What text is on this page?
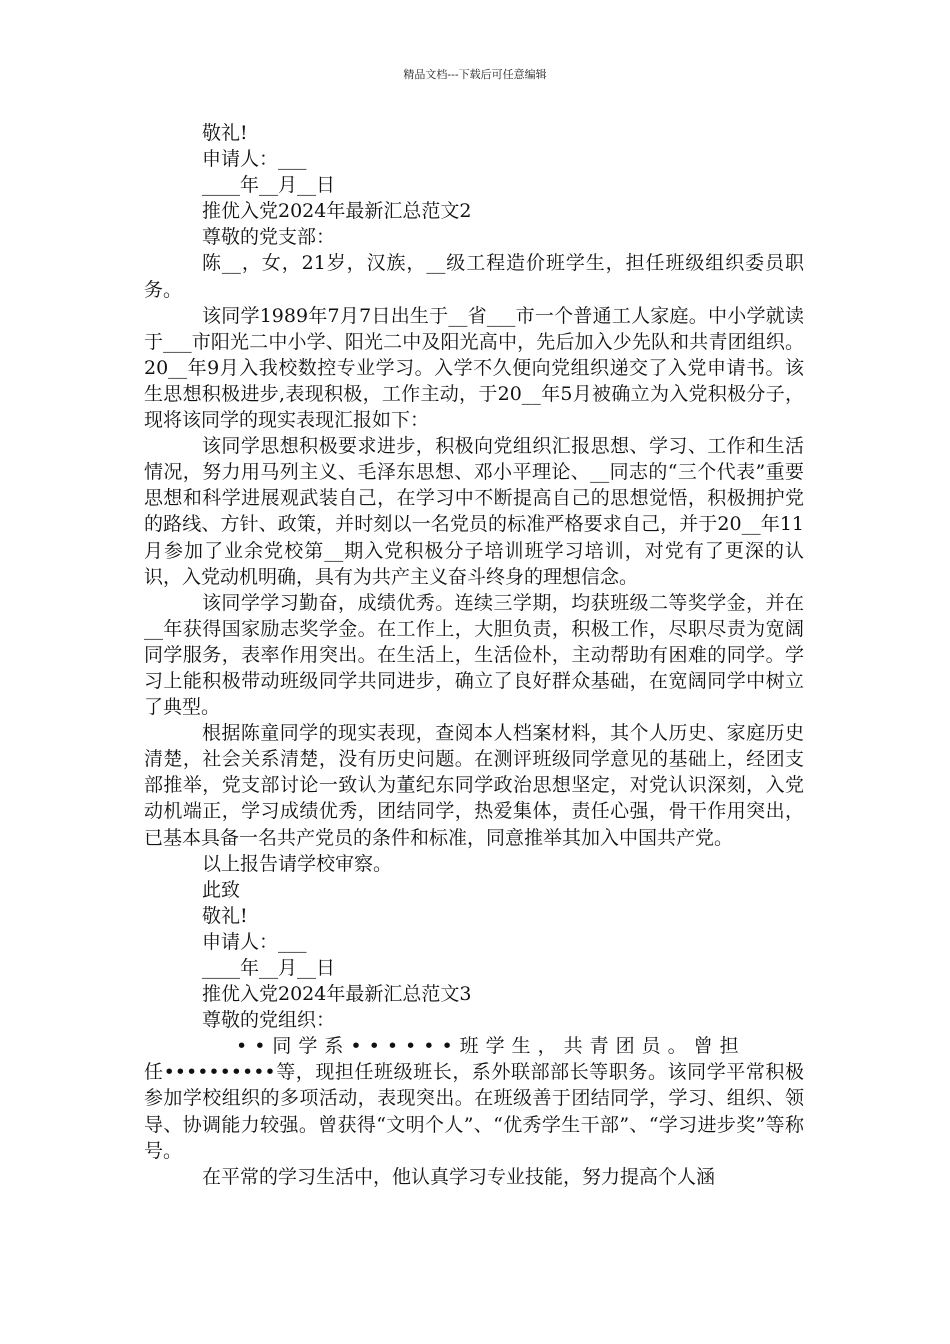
精品文档---下载后可任意编辑

敬礼!

申请人：___

____年__月__日

推优入党2024年最新汇总范文2

尊敬的党支部：

陈__，女，21岁，汉族，__级工程造价班学生，担任班级组织委员职务。

该同学1989年7月7日出生于__省___市一个普通工人家庭。中小学就读于___市阳光二中小学、阳光二中及阳光高中，先后加入少先队和共青团组织。20__年9月入我校数控专业学习。入学不久便向党组织递交了入党申请书。该生思想积极进步,表现积极，工作主动，于20__年5月被确立为入党积极分子，现将该同学的现实表现汇报如下：

该同学思想积极要求进步，积极向党组织汇报思想、学习、工作和生活情况，努力用马列主义、毛泽东思想、邓小平理论、__同志的“三个代表”重要思想和科学进展观武装自己，在学习中不断提高自己的思想觉悟，积极拥护党的路线、方针、政策，并时刻以一名党员的标准严格要求自己，并于20__年11月参加了业余党校第__期入党积极分子培训班学习培训，对党有了更深的认识，入党动机明确，具有为共产主义奋斗终身的理想信念。

该同学学习勤奋，成绩优秀。连续三学期，均获班级二等奖学金，并在__年获得国家励志奖学金。在工作上，大胆负责，积极工作，尽职尽责为宽阔同学服务，表率作用突出。在生活上，生活俭朴，主动帮助有困难的同学。学习上能积极带动班级同学共同进步，确立了良好群众基础，在宽阔同学中树立了典型。

根据陈童同学的现实表现，查阅本人档案材料，其个人历史、家庭历史清楚，社会关系清楚，没有历史问题。在测评班级同学意见的基础上，经团支部推举，党支部讨论一致认为董纪东同学政治思想坚定，对党认识深刻，入党动机端正，学习成绩优秀，团结同学，热爱集体，责任心强，骨干作用突出，已基本具备一名共产党员的条件和标准，同意推举其加入中国共产党。

以上报告请学校审察。

此致

敬礼!

申请人：___

____年__月__日

推优入党2024年最新汇总范文3

尊敬的党组织：

••同学系••••••班学生，共青团员。曾担

任••••••••••等，现担任班级班长，系外联部部长等职务。该同学平常积极参加学校组织的多项活动，表现突出。在班级善于团结同学，学习、组织、领导、协调能力较强。曾获得“文明个人”、“优秀学生干部”、“学习进步奖”等称号。

在平常的学习生活中，他认真学习专业技能，努力提高个人涵
